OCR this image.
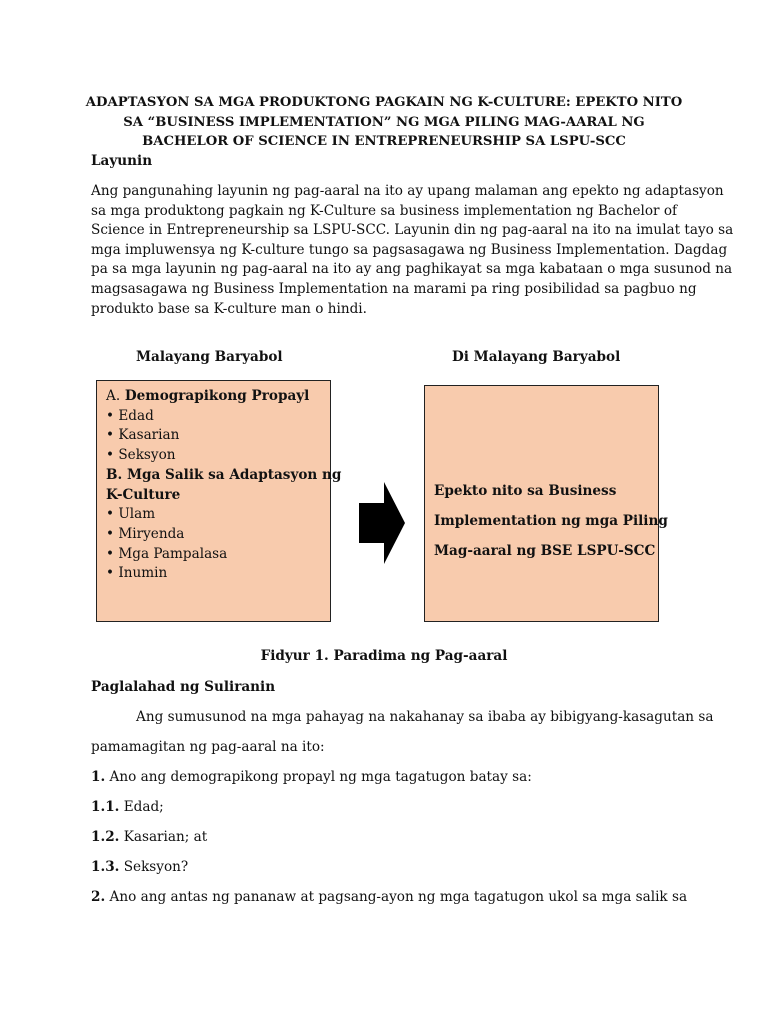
ADAPTASYON SA MGA PRODUKTONG PAGKAIN NG K-CULTURE: EPEKTO NITO
SA “BUSINESS IMPLEMENTATION” NG MGA PILING MAG-AARAL NG
BACHELOR OF SCIENCE IN ENTREPRENEURSHIP SA LSPU-SCC
Layunin
Ang pangunahing layunin ng pag-aaral na ito ay upang malaman ang epekto ng adaptasyon
sa mga produktong pagkain ng K-Culture sa business implementation ng Bachelor of
Science in Entrepreneurship sa LSPU-SCC. Layunin din ng pag-aaral na ito na imulat tayo sa
mga impluwensya ng K-culture tungo sa pagsasagawa ng Business Implementation. Dagdag
pa sa mga layunin ng pag-aaral na ito ay ang paghikayat sa mga kabataan o mga susunod na
magsasagawa ng Business Implementation na marami pa ring posibilidad sa pagbuo ng
produkto base sa K-culture man o hindi.
Malayang Baryabol	Di Malayang Baryabol
A. Demograpikong Propayl
• Edad
• Kasarian
• Seksyon
B. Mga Salik sa Adaptasyon ng
K-Culture
• Ulam
• Miryenda
• Mga Pampalasa
• Inumin
Epekto nito sa Business
Implementation ng mga Piling
Mag-aaral ng BSE LSPU-SCC
Fidyur 1. Paradima ng Pag-aaral
Paglalahad ng Suliranin
Ang sumusunod na mga pahayag na nakahanay sa ibaba ay bibigyang-kasagutan sa
pamamagitan ng pag-aaral na ito:
1. Ano ang demograpikong propayl ng mga tagatugon batay sa:
1.1. Edad;
1.2. Kasarian; at
1.3. Seksyon?
2. Ano ang antas ng pananaw at pagsang-ayon ng mga tagatugon ukol sa mga salik sa
